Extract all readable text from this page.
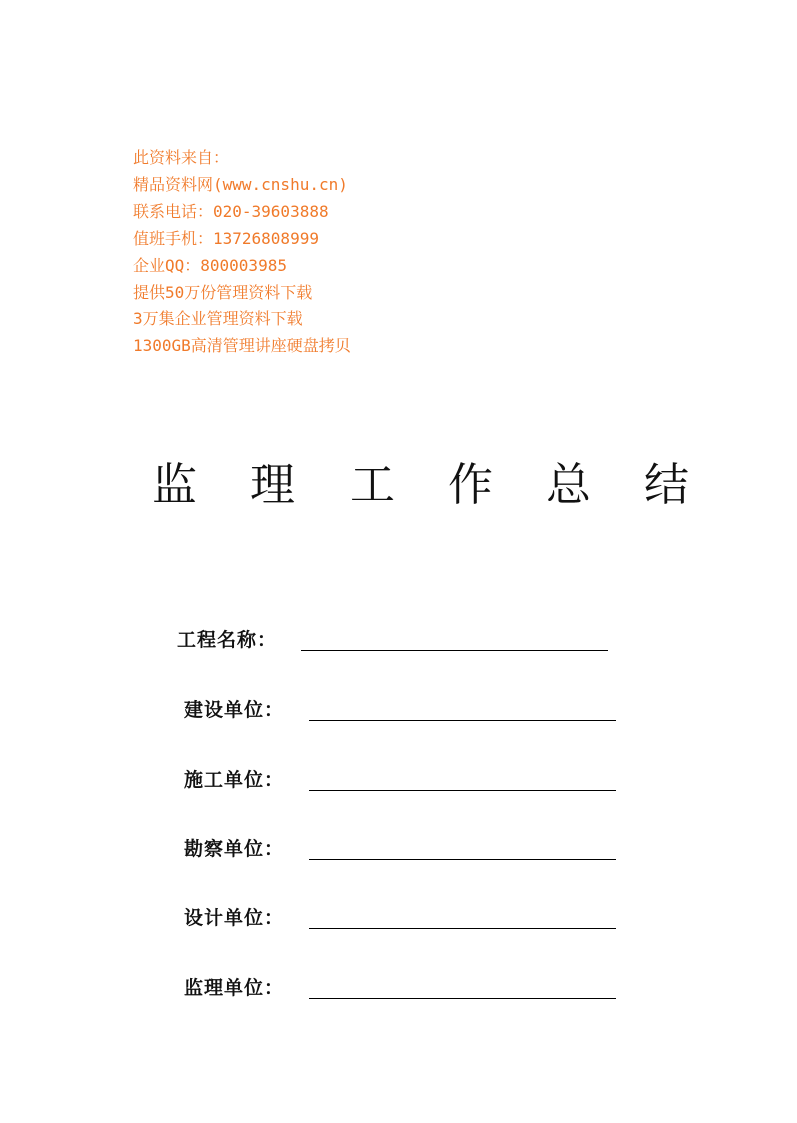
此资料来自：
精品资料网(www.cnshu.cn)
联系电话：020-39603888
值班手机：13726808999
企业QQ：800003985
提供50万份管理资料下载
3万集企业管理资料下载
1300GB高清管理讲座硬盘拷贝
监 理 工 作 总 结
工程名称：
建设单位：
施工单位：
勘察单位：
设计单位：
监理单位：
